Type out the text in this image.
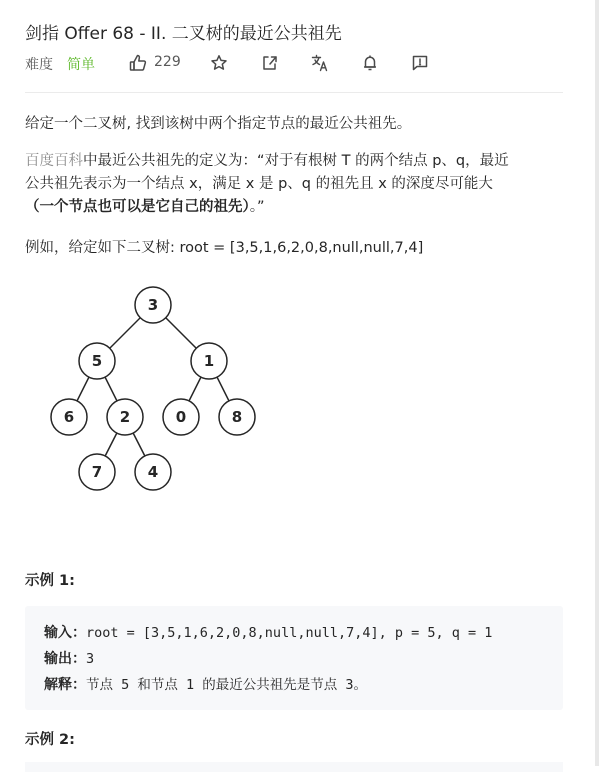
剑指 Offer 68 - II. 二叉树的最近公共祖先
难度 简单	229
给定一个二叉树, 找到该树中两个指定节点的最近公共祖先。
百度百科中最近公共祖先的定义为：“对于有根树 T 的两个结点 p、q，最近
公共祖先表示为一个结点 x，满足 x 是 p、q 的祖先且 x 的深度尽可能大
（一个节点也可以是它自己的祖先）。”
例如，给定如下二叉树: root = [3,5,1,6,2,0,8,null,null,7,4]
3
5	1
6	2	0	8
7	4
示例 1:
输入：root = [3,5,1,6,2,0,8,null,null,7,4], p = 5, q = 1
输出：3
解释：节点 5 和节点 1 的最近公共祖先是节点 3。
示例 2:
